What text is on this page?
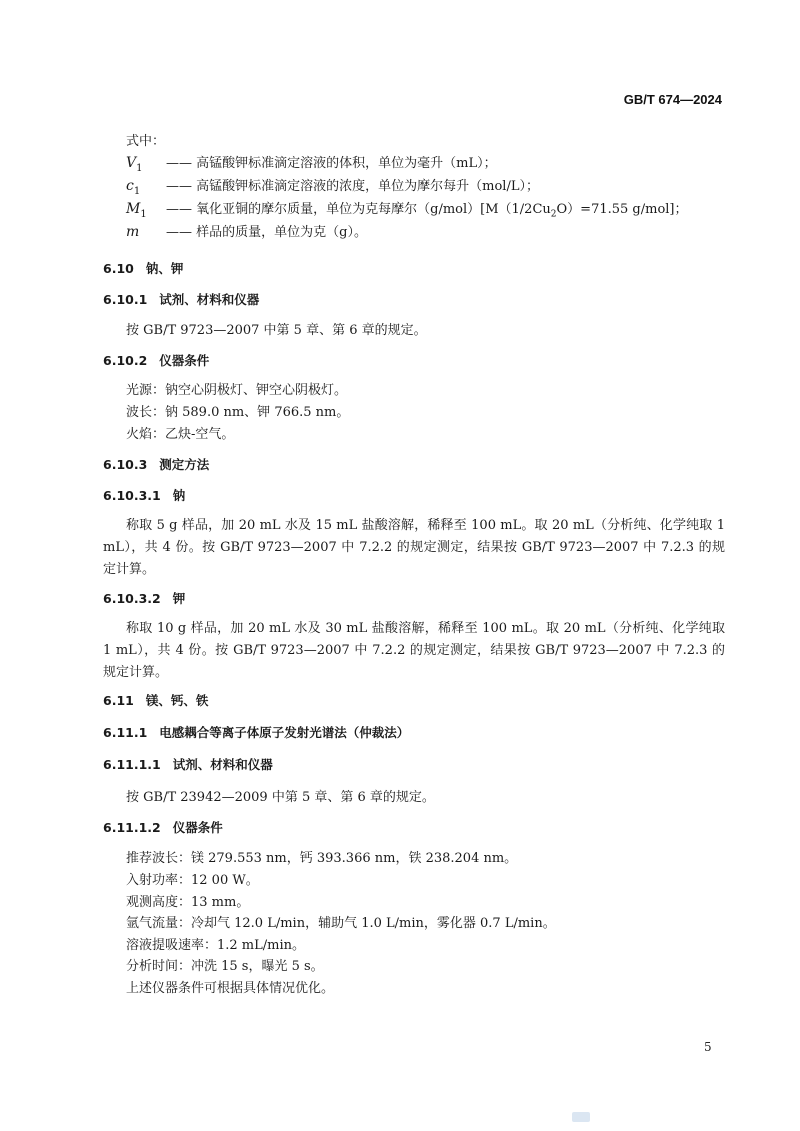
GB/T 674—2024
式中：
$V_1$ —— 高锰酸钾标准滴定溶液的体积，单位为毫升（mL）；
$c_1$ —— 高锰酸钾标准滴定溶液的浓度，单位为摩尔每升（mol/L）；
$M_1$ —— 氧化亚铜的摩尔质量，单位为克每摩尔$(g/mol)[M(1/2Cu_2O)=71.55$ g/mol]；
m —— 样品的质量，单位为克（g）。
6.10 钠、钾
6.10.1 试剂、材料和仪器
按 GB/T 9723—2007 中第 5 章、第 6 章的规定。
6.10.2 仪器条件
光源：钠空心阴极灯、钾空心阴极灯。
波长：钠 589.0 nm、钾 766.5 nm。
火焰：乙炔-空气。
6.10.3 测定方法
6.10.3.1 钠
称取 5 g 样品，加 20 mL 水及 15 mL 盐酸溶解，稀释至 100 mL。取 20 mL（分析纯、化学纯取 1 mL），共 4 份。按 GB/T 9723—2007 中 7.2.2 的规定测定，结果按 GB/T 9723—2007 中 7.2.3 的规定计算。
6.10.3.2 钾
称取 10 g 样品，加 20 mL 水及 30 mL 盐酸溶解，稀释至 100 mL。取 20 mL（分析纯、化学纯取 1 mL），共 4 份。按 GB/T 9723—2007 中 7.2.2 的规定测定，结果按 GB/T 9723—2007 中 7.2.3 的规定计算。
6.11 镁、钙、铁
6.11.1 电感耦合等离子体原子发射光谱法（仲裁法）
6.11.1.1 试剂、材料和仪器
按 GB/T 23942—2009 中第 5 章、第 6 章的规定。
6.11.1.2 仪器条件
推荐波长：镁 279.553 nm，钙 393.366 nm，铁 238.204 nm。
入射功率：12 00 W。
观测高度：13 mm。
氩气流量：冷却气 12.0 L/min，辅助气 1.0 L/min，雾化器 0.7 L/min。
溶液提吸速率：1.2 mL/min。
分析时间：冲洗 15 s，曝光 5 s。
上述仪器条件可根据具体情况优化。
5
